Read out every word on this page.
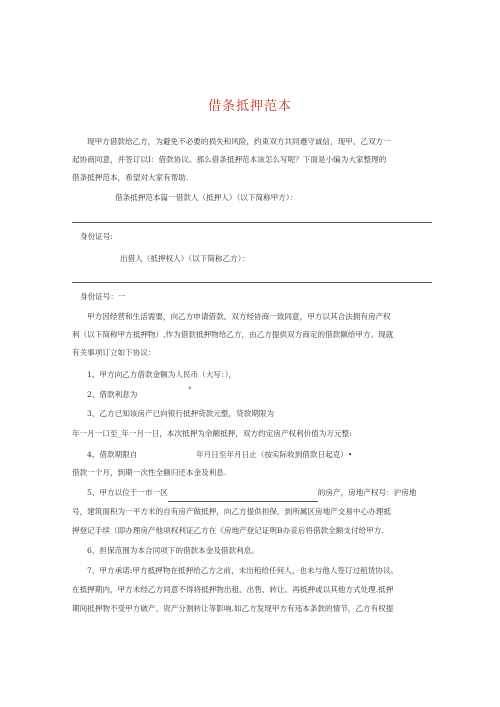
借条抵押范本

现甲方借款给乙方，为避免不必要的损失和风险，约束双方共同遵守诚信，现甲、乙双方一

起协商同意，并签订以Ⅰ：借款协议。那么借条抵押范本该怎么写呢？下面是小编为大家整理的

借条抵押范本，希望对大家有帮助.

借条抵押范本篇一借款人（抵押人）（以下简称甲方）：

身份证号:

出借人（抵押权人）（以下简称乙方）：

身份证号：一

甲方因经营和生活需要，向乙方申请借款。双方经协商一致同意，甲方以其合法拥有房产权

利（以下简称甲方抵押物）,作为借款抵押物给乙方，由乙方提供双方商定的借款额给甲方。现就

有关事项订立如下协议：

1、甲方向乙方借款金额为人民币（大写：），

2、借款利息为	°

3、乙方已知该房产已向银行抵押贷款元整，贷款期限为

年一月一口至_年一月一日，本次抵押为余额抵押，双方约定房产权利价值为万元整:

4、借款期限自	年月日至年月日止（按实际收到借款日起克）•

借款一个月，到期一次性全额归还本金及利息.

5、甲方以位于一市一区	的房产，房地产权号：沪房地

号，建筑面积为一平方米的自有房产做抵押，向乙方提供担保，到所属区房地产交易中心办理抵

押登记手续（即办理房产他项权利证乙方在《房地产登记证明B办妥后将借款全额支付给甲方.

6、担保范围为本合同项下的借款本金及借款利息。

7、甲方承诺:甲方抵押物在抵押给乙方之前，未出租给任何人，也未与他人签订过租赁协议。

在抵押期内，甲方未经乙方同意不得将抵押物出租、出售、转让、再抵押或以其他方式处理.抵押

期间抵押物不受甲方破产、资产分割转让等影响.如乙方发现甲方有违本条款的情节，乙方有权提
